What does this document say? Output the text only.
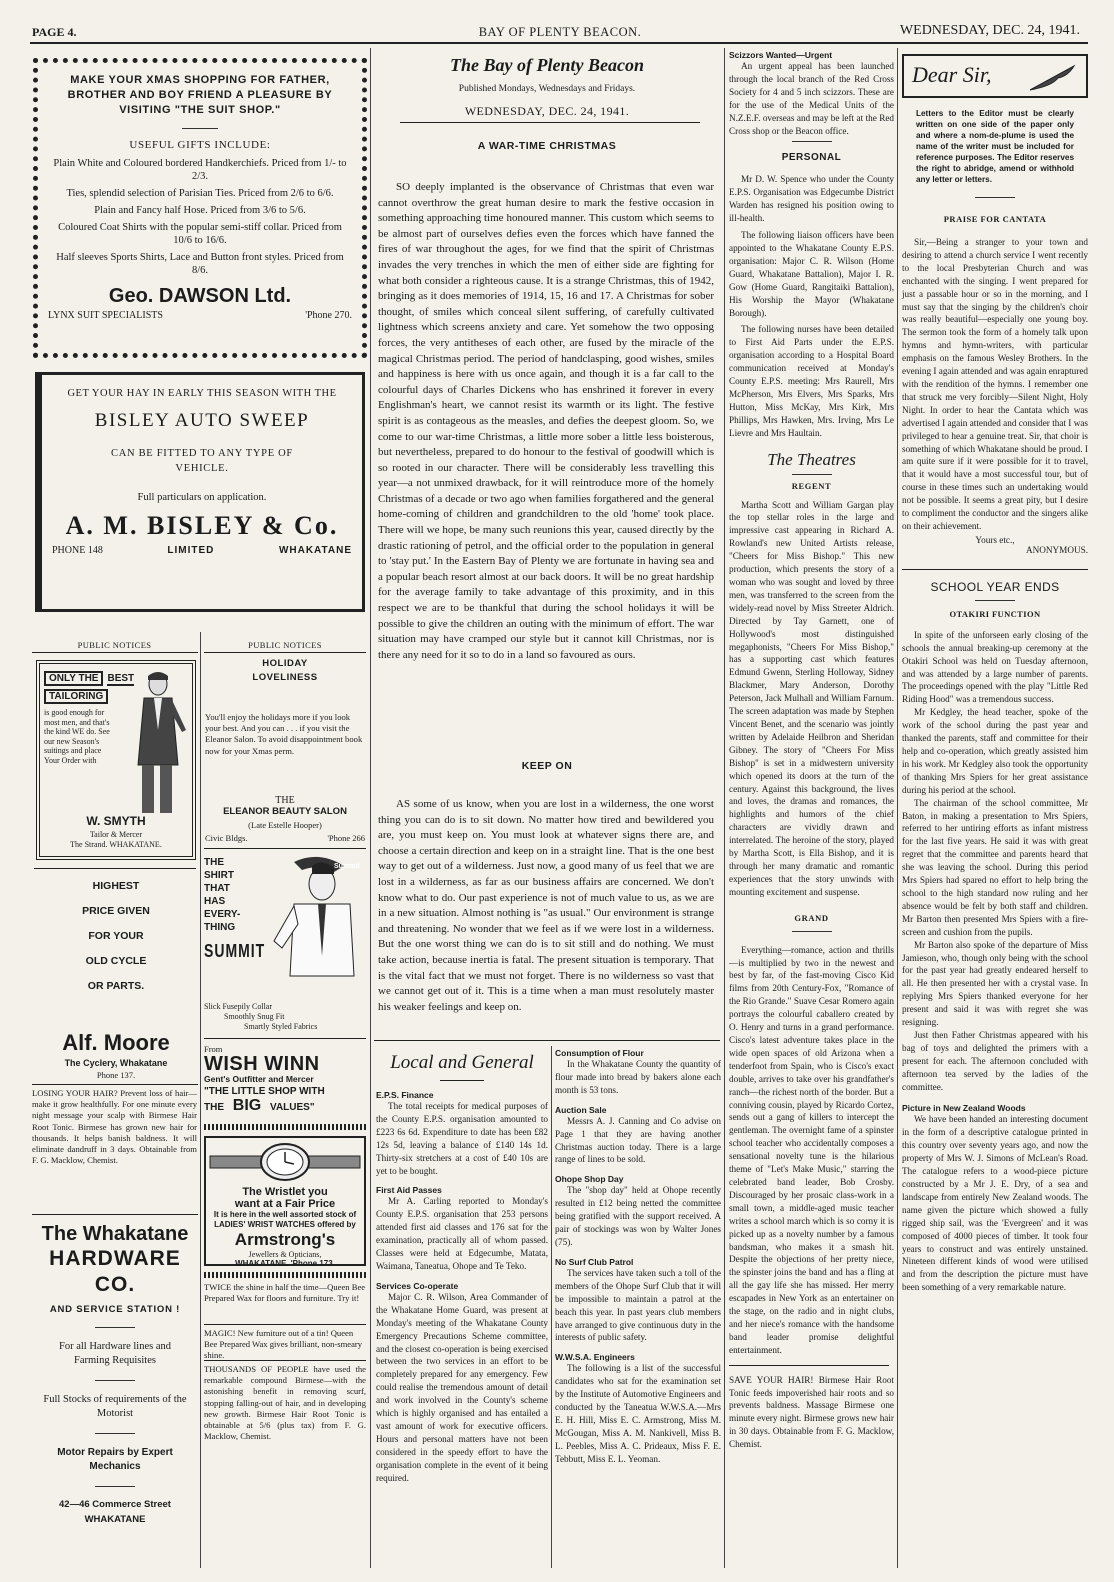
PAGE 4.	BAY OF PLENTY BEACON.	WEDNESDAY, DEC. 24, 1941.
MAKE YOUR XMAS SHOPPING FOR FATHER, BROTHER AND BOY FRIEND A PLEASURE BY VISITING "THE SUIT SHOP."
USEFUL GIFTS INCLUDE:
Plain White and Coloured bordered Handkerchiefs. Priced from 1/- to 2/3.
Ties, splendid selection of Parisian Ties. Priced from 2/6 to 6/6.
Plain and Fancy half Hose. Priced from 3/6 to 5/6.
Coloured Coat Shirts with the popular semi-stiff collar. Priced from 10/6 to 16/6.
Half sleeves Sports Shirts, Lace and Button front styles. Priced from 8/6.
Geo. DAWSON Ltd.
LYNX SUIT SPECIALISTS	'Phone 270.
GET YOUR HAY IN EARLY THIS SEASON WITH THE
BISLEY AUTO SWEEP
CAN BE FITTED TO ANY TYPE OF VEHICLE.
Full particulars on application.
A. M. BISLEY & Co.
PHONE 148	LIMITED	WHAKATANE
PUBLIC NOTICES
ONLY THE BEST TAILORING
is good enough for most men, and that's the kind WE do. See our new Season's suitings and place Your Order with
W. SMYTH
Tailor & Mercer
The Strand. WHAKATANE.
HIGHEST
PRICE GIVEN
FOR YOUR
OLD CYCLE
OR PARTS.
Alf. Moore
The Cyclery, Whakatane
Phone 137.
LOSING YOUR HAIR? Prevent loss of hair—make it grow healthfully. For one minute every night message your scalp with Birmese Hair Root Tonic. Birmese has grown new hair for thousands. It helps banish baldness. It will eliminate dandruff in 3 days. Obtainable from F. G. Macklow, Chemist.
The Whakatane
HARDWARE CO.
AND SERVICE STATION !
For all Hardware lines and Farming Requisites
Full Stocks of requirements of the Motorist
Motor Repairs by Expert Mechanics
42—46 Commerce Street
WHAKATANE
PUBLIC NOTICES
HOLIDAY LOVELINESS
You'll enjoy the holidays more if you look your best. And you can . . . if you visit the Eleanor Salon. To avoid disappointment book now for your Xmas perm.
THE
ELEANOR BEAUTY SALON
(Late Estelle Hooper)
Civic Bldgs.	'Phone 266
THE
SHIRT
THAT
HAS
EVERY-
THING
SUMMIT
Summit
Slick Fusepily Collar
Smoothly Snug Fit
Smartly Styled Fabrics
From
WISH WINN
Gent's Outfitter and Mercer
"THE LITTLE SHOP WITH
THE BIG VALUES"
The Wristlet you
want at a Fair Price
It is here in the well assorted stock of LADIES' WRIST WATCHES offered by
Armstrong's
Jewellers & Opticians,
WHAKATANE. 'Phone 173.
TWICE the shine in half the time—Queen Bee Prepared Wax for floors and furniture. Try it!
MAGIC! New furniture out of a tin! Queen Bee Prepared Wax gives brilliant, non-smeary shine.
THOUSANDS OF PEOPLE have used the remarkable compound Birmese—with the astonishing benefit in removing scurf, stopping falling-out of hair, and in developing new growth. Birmese Hair Root Tonic is obtainable at 5/6 (plus tax) from F. G. Macklow, Chemist.
The Bay of Plenty Beacon
Published Mondays, Wednesdays and Fridays.
WEDNESDAY, DEC. 24, 1941.
A WAR-TIME CHRISTMAS
SO deeply implanted is the observance of Christmas that even war cannot overthrow the great human desire to mark the festive occasion in something approaching time honoured manner. This custom which seems to be almost part of ourselves defies even the forces which have fanned the fires of war throughout the ages, for we find that the spirit of Christmas invades the very trenches in which the men of either side are fighting for what both consider a righteous cause. It is a strange Christmas, this of 1942, bringing as it does memories of 1914, 15, 16 and 17. A Christmas for sober thought, of smiles which conceal silent suffering, of carefully cultivated lightness which screens anxiety and care. Yet somehow the two opposing forces, the very antitheses of each other, are fused by the miracle of the magical Christmas period. The period of handclasping, good wishes, smiles and happiness is here with us once again, and though it is a far call to the colourful days of Charles Dickens who has enshrined it forever in every Englishman's heart, we cannot resist its warmth or its light. The festive spirit is as contageous as the measles, and defies the deepest gloom. So, we come to our war-time Christmas, a little more sober a little less boisterous, but nevertheless, prepared to do honour to the festival of goodwill which is so rooted in our character. There will be considerably less travelling this year—a not unmixed drawback, for it will reintroduce more of the homely Christmas of a decade or two ago when families forgathered and the general home-coming of children and grandchildren to the old 'home' took place. There will we hope, be many such reunions this year, caused directly by the drastic rationing of petrol, and the official order to the population in general to 'stay put.' In the Eastern Bay of Plenty we are fortunate in having sea and a popular beach resort almost at our back doors. It will be no great hardship for the average family to take advantage of this proximity, and in this respect we are to be thankful that during the school holidays it will be possible to give the children an outing with the minimum of effort. The war situation may have cramped our style but it cannot kill Christmas, nor is there any need for it so to do in a land so favoured as ours.
KEEP ON
AS some of us know, when you are lost in a wilderness, the one worst thing you can do is to sit down. No matter how tired and bewildered you are, you must keep on. You must look at whatever signs there are, and choose a certain direction and keep on in a straight line. That is the one best way to get out of a wilderness. Just now, a good many of us feel that we are lost in a wilderness, as far as our business affairs are concerned. We don't know what to do. Our past experience is not of much value to us, as we are in a new situation. Almost nothing is "as usual." Our environment is strange and threatening. No wonder that we feel as if we were lost in a wilderness. But the one worst thing we can do is to sit still and do nothing. We must take action, because inertia is fatal. The present situation is temporary. That is the vital fact that we must not forget. There is no wilderness so vast that we cannot get out of it. This is a time when a man must resolutely master his weaker feelings and keep on.
Local and General
E.P.S. Finance

The total receipts for medical purposes of the County E.P.S. organisation amounted to £223 6s 6d. Expenditure to date has been £82 12s 5d, leaving a balance of £140 14s 1d. Thirty-six stretchers at a cost of £40 10s are yet to be bought.

First Aid Passes

Mr A. Carling reported to Monday's County E.P.S. organisation that 253 persons attended first aid classes and 176 sat for the examination, practically all of whom passed. Classes were held at Edgecumbe, Matata, Waimana, Taneatua, Ohope and Te Teko.

Services Co-operate

Major C. R. Wilson, Area Commander of the Whakatane Home Guard, was present at Monday's meeting of the Whakatane County Emergency Precautions Scheme committee, and the closest co-operation is being exercised between the two services in an effort to be completely prepared for any emergency. Few could realise the tremendous amount of detail and work involved in the County's scheme which is highly organised and has entailed a vast amount of work for executive officers. Hours and personal matters have not been considered in the speedy effort to have the organisation complete in the event of it being required.

Consumption of Flour

In the Whakatane County the quantity of flour made into bread by bakers alone each month is 53 tons.

Auction Sale

Messrs A. J. Canning and Co advise on Page 1 that they are having another Christmas auction today. There is a large range of lines to be sold.

Ohope Shop Day

The "shop day" held at Ohope recently resulted in £12 being netted the committee being gratified with the support received. A pair of stockings was won by Walter Jones (75).

No Surf Club Patrol

The services have taken such a toll of the members of the Ohope Surf Club that it will be impossible to maintain a patrol at the beach this year. In past years club members have arranged to give continuous duty in the interests of public safety.

W.W.S.A. Engineers

The following is a list of the successful candidates who sat for the examination set by the Institute of Automotive Engineers and conducted by the Taneatua W.W.S.A.—Mrs E. H. Hill, Miss E. C. Armstrong, Miss M. McGougan, Miss A. M. Nankivell, Miss B. L. Peebles, Miss A. C. Prideaux, Miss F. E. Tebbutt, Miss E. L. Yeoman.

Scizzors Wanted—Urgent

An urgent appeal has been launched through the local branch of the Red Cross Society for 4 and 5 inch scizzors. These are for the use of the Medical Units of the N.Z.E.F. overseas and may be left at the Red Cross shop or the Beacon office.

PERSONAL

Mr D. W. Spence who under the County E.P.S. Organisation was Edgecumbe District Warden has resigned his position owing to ill-health.

The following liaison officers have been appointed to the Whakatane County E.P.S. organisation: Major C. R. Wilson (Home Guard, Whakatane Battalion), Major I. R. Gow (Home Guard, Rangitaiki Battalion), His Worship the Mayor (Whakatane Borough).

The following nurses have been detailed to First Aid Parts under the E.P.S. organisation according to a Hospital Board communication received at Monday's County E.P.S. meeting: Mrs Raurell, Mrs McPherson, Mrs Elvers, Mrs Sparks, Mrs Hutton, Miss McKay, Mrs Kirk, Mrs Phillips, Mrs Hawken, Mrs. Irving, Mrs Le Lievre and Mrs Haultain.

The Theatres
REGENT

Martha Scott and William Gargan play the top stellar roles in the large and impressive cast appearing in Richard A. Rowland's new United Artists release, "Cheers for Miss Bishop." This new production, which presents the story of a woman who was sought and loved by three men, was transferred to the screen from the widely-read novel by Miss Streeter Aldrich. Directed by Tay Garnett, one of Hollywood's most distinguished megaphonists, "Cheers For Miss Bishop," has a supporting cast which features Edmund Gwenn, Sterling Holloway, Sidney Blackmer, Mary Anderson, Dorothy Peterson, Jack Mulhall and William Farnum. The screen adaptation was made by Stephen Vincent Benet, and the scenario was jointly written by Adelaide Heilbron and Sheridan Gibney. The story of "Cheers For Miss Bishop" is set in a midwestern university which opened its doors at the turn of the century. Against this background, the lives and loves, the dramas and romances, the highlights and humors of the chief characters are vividly drawn and interrelated. The heroine of the story, played by Martha Scott, is Ella Bishop, and it is through her many dramatic and romantic experiences that the story unwinds with mounting excitement and suspense.

GRAND

Everything—romance, action and thrills—is multiplied by two in the newest and best by far, of the fast-moving Cisco Kid films from 20th Century-Fox, "Romance of the Rio Grande." Suave Cesar Romero again portrays the colourful caballero created by O. Henry and turns in a grand performance. Cisco's latest adventure takes place in the wide open spaces of old Arizona when a tenderfoot from Spain, who is Cisco's exact double, arrives to take over his grandfather's ranch—the richest north of the border. But a conniving cousin, played by Ricardo Cortez, sends out a gang of killers to intercept the gentleman. The overnight fame of a spinster school teacher who accidentally composes a sensational novelty tune is the hilarious theme of "Let's Make Music," starring the celebrated band leader, Bob Crosby. Discouraged by her prosaic class-work in a small town, a middle-aged music teacher writes a school march which is so corny it is picked up as a novelty number by a famous bandsman, who makes it a smash hit. Despite the objections of her pretty niece, the spinster joins the band and has a fling at all the gay life she has missed. Her merry escapades in New York as an entertainer on the stage, on the radio and in night clubs, and her niece's romance with the handsome band leader promise delightful entertainment.

SAVE YOUR HAIR! Birmese Hair Root Tonic feeds impoverished hair roots and so prevents baldness. Massage Birmese one minute every night. Birmese grows new hair in 30 days. Obtainable from F. G. Macklow, Chemist.

Dear Sir,
Letters to the Editor must be clearly written on one side of the paper only and where a nom-de-plume is used the name of the writer must be included for reference purposes. The Editor reserves the right to abridge, amend or withhold any letter or letters.
PRAISE FOR CANTATA

Sir,—Being a stranger to your town and desiring to attend a church service I went recently to the local Presbyterian Church and was enchanted with the singing. I went prepared for just a passable hour or so in the morning, and I must say that the singing by the children's choir was really beautiful—especially one young boy. The sermon took the form of a homely talk upon hymns and hymn-writers, with particular emphasis on the famous Wesley Brothers. In the evening I again attended and was again enraptured with the rendition of the hymns. I remember one that struck me very forcibly—Silent Night, Holy Night. In order to hear the Cantata which was advertised I again attended and consider that I was privileged to hear a genuine treat. Sir, that choir is something of which Whakatane should be proud. I am quite sure if it were possible for it to travel, that it would have a most successful tour, but of course in these times such an undertaking would not be possible. It seems a great pity, but I desire to compliment the conductor and the singers alike on their achievement.

Yours etc.,
ANONYMOUS.
SCHOOL YEAR ENDS
OTAKIRI FUNCTION

In spite of the unforseen early closing of the schools the annual breaking-up ceremony at the Otakiri School was held on Tuesday afternoon, and was attended by a large number of parents. The proceedings opened with the play "Little Red Riding Hood" was a tremendous success.

Mr Kedgley, the head teacher, spoke of the work of the school during the past year and thanked the parents, staff and committee for their help and co-operation, which greatly assisted him in his work. Mr Kedgley also took the opportunity of thanking Mrs Spiers for her great assistance during his period at the school.

The chairman of the school committee, Mr Baton, in making a presentation to Mrs Spiers, referred to her untiring efforts as infant mistress for the last five years. He said it was with great regret that the committee and parents heard that she was leaving the school. During this period Mrs Spiers had spared no effort to help bring the school to the high standard now ruling and her absence would be felt by both staff and children. Mr Barton then presented Mrs Spiers with a fire-screen and cushion from the pupils.

Mr Barton also spoke of the departure of Miss Jamieson, who, though only being with the school for the past year had greatly endeared herself to all. He then presented her with a crystal vase. In replying Mrs Spiers thanked everyone for her present and said it was with regret she was resigning.

Just then Father Christmas appeared with his bag of toys and delighted the primers with a present for each. The afternoon concluded with afternoon tea served by the ladies of the committee.

Picture in New Zealand Woods

We have been handed an interesting document in the form of a descriptive catalogue printed in this country over seventy years ago, and now the property of Mrs W. J. Simons of McLean's Road. The catalogue refers to a wood-piece picture constructed by a Mr J. E. Dry, of a sea and landscape from entirely New Zealand woods. The name given the picture which showed a fully rigged ship sail, was the 'Evergreen' and it was composed of 4000 pieces of timber. It took four years to construct and was entirely unstained. Nineteen different kinds of wood were utilised and from the description the picture must have been something of a very remarkable nature.
